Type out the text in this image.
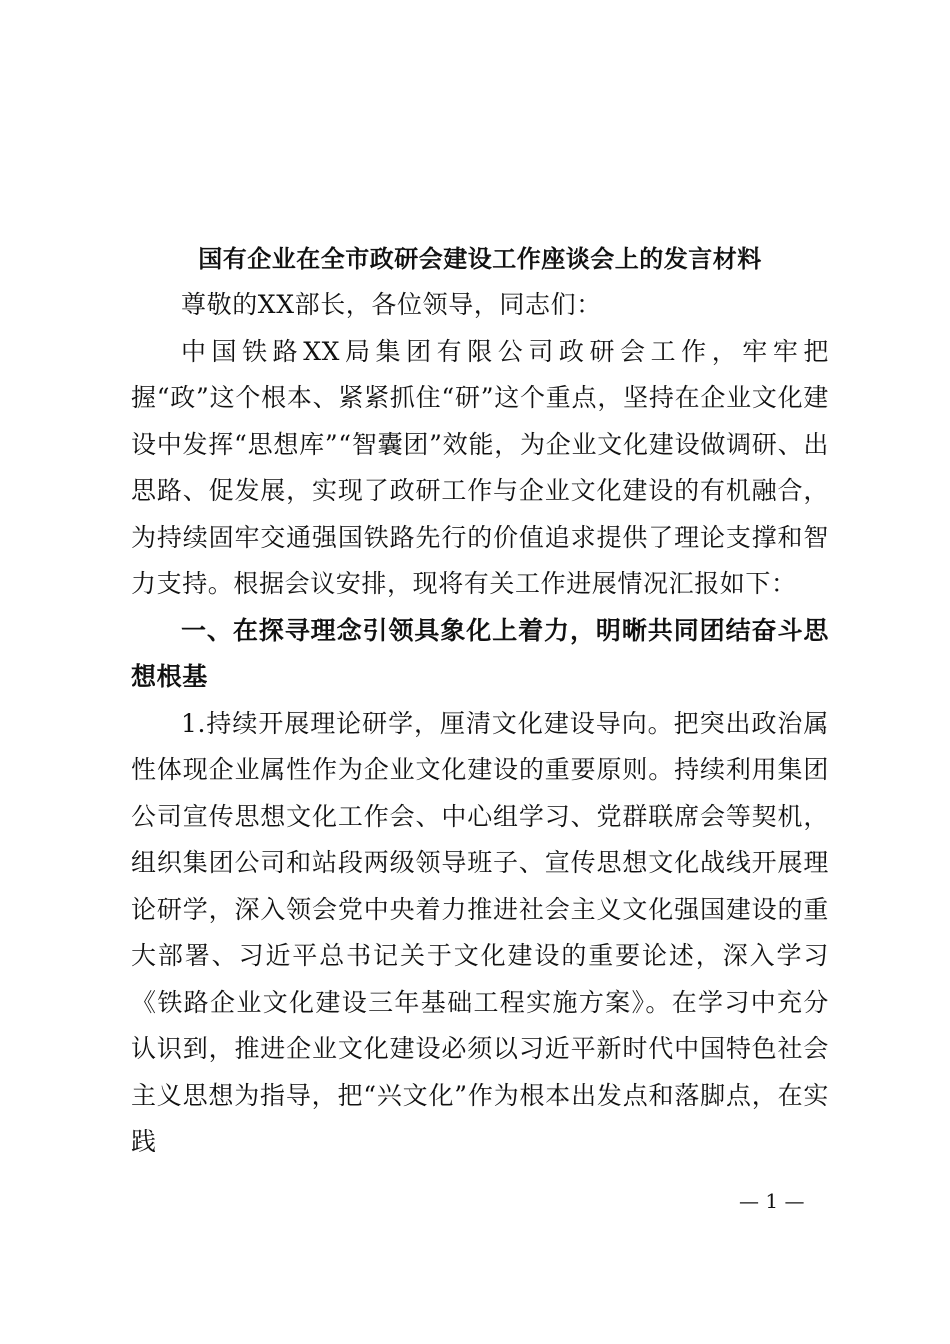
国有企业在全市政研会建设工作座谈会上的发言材料

尊敬的XX部长，各位领导，同志们：

中国铁路XX局集团有限公司政研会工作，牢牢把握“政”这个根本、紧紧抓住“研”这个重点，坚持在企业文化建设中发挥“思想库”“智囊团”效能，为企业文化建设做调研、出思路、促发展，实现了政研工作与企业文化建设的有机融合，为持续固牢交通强国铁路先行的价值追求提供了理论支撑和智力支持。根据会议安排，现将有关工作进展情况汇报如下：

一、在探寻理念引领具象化上着力，明晰共同团结奋斗思想根基

1.持续开展理论研学，厘清文化建设导向。把突出政治属性体现企业属性作为企业文化建设的重要原则。持续利用集团公司宣传思想文化工作会、中心组学习、党群联席会等契机，组织集团公司和站段两级领导班子、宣传思想文化战线开展理论研学，深入领会党中央着力推进社会主义文化强国建设的重大部署、习近平总书记关于文化建设的重要论述，深入学习《铁路企业文化建设三年基础工程实施方案》。在学习中充分认识到，推进企业文化建设必须以习近平新时代中国特色社会主义思想为指导，把“兴文化”作为根本出发点和落脚点，在实践

— 1 —
